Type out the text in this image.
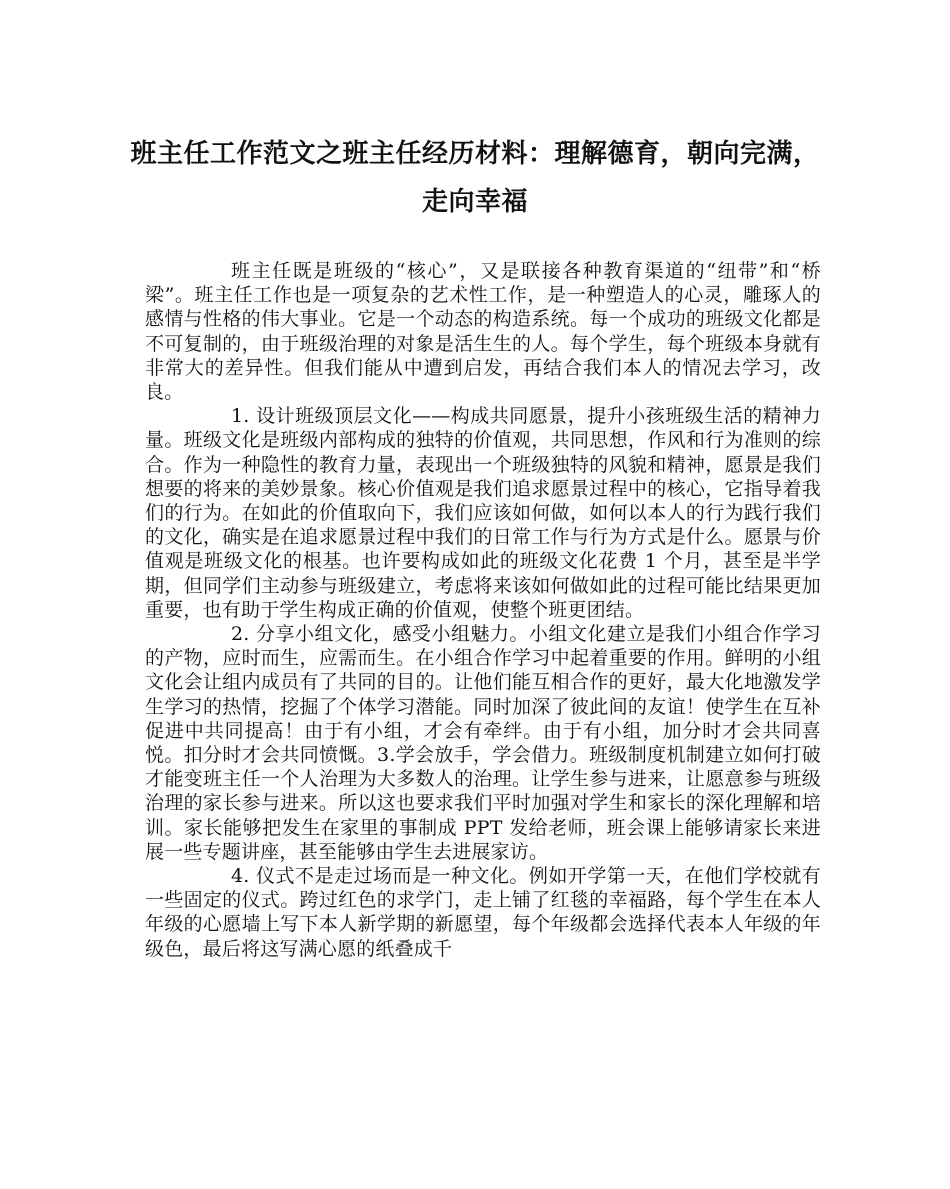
班主任工作范文之班主任经历材料：理解德育，朝向完满，走向幸福

班主任既是班级的“核心”，又是联接各种教育渠道的“纽带”和“桥梁”。班主任工作也是一项复杂的艺术性工作，是一种塑造人的心灵，雕琢人的感情与性格的伟大事业。它是一个动态的构造系统。每一个成功的班级文化都是不可复制的，由于班级治理的对象是活生生的人。每个学生，每个班级本身就有非常大的差异性。但我们能从中遭到启发，再结合我们本人的情况去学习，改良。

1. 设计班级顶层文化——构成共同愿景，提升小孩班级生活的精神力量。班级文化是班级内部构成的独特的价值观，共同思想，作风和行为准则的综合。作为一种隐性的教育力量，表现出一个班级独特的风貌和精神，愿景是我们想要的将来的美妙景象。核心价值观是我们追求愿景过程中的核心，它指导着我们的行为。在如此的价值取向下，我们应该如何做，如何以本人的行为践行我们的文化，确实是在追求愿景过程中我们的日常工作与行为方式是什么。愿景与价值观是班级文化的根基。也许要构成如此的班级文化花费 1 个月，甚至是半学期，但同学们主动参与班级建立，考虑将来该如何做如此的过程可能比结果更加重要，也有助于学生构成正确的价值观，使整个班更团结。

2. 分享小组文化，感受小组魅力。小组文化建立是我们小组合作学习的产物，应时而生，应需而生。在小组合作学习中起着重要的作用。鲜明的小组文化会让组内成员有了共同的目的。让他们能互相合作的更好，最大化地激发学生学习的热情，挖掘了个体学习潜能。同时加深了彼此间的友谊！使学生在互补促进中共同提高！由于有小组，才会有牵绊。由于有小组，加分时才会共同喜悦。扣分时才会共同愤慨。3.学会放手，学会借力。班级制度机制建立如何打破才能变班主任一个人治理为大多数人的治理。让学生参与进来，让愿意参与班级治理的家长参与进来。所以这也要求我们平时加强对学生和家长的深化理解和培训。家长能够把发生在家里的事制成 PPT 发给老师，班会课上能够请家长来进展一些专题讲座，甚至能够由学生去进展家访。

4. 仪式不是走过场而是一种文化。例如开学第一天，在他们学校就有一些固定的仪式。跨过红色的求学门，走上铺了红毯的幸福路，每个学生在本人年级的心愿墙上写下本人新学期的新愿望，每个年级都会选择代表本人年级的年级色，最后将这写满心愿的纸叠成千
